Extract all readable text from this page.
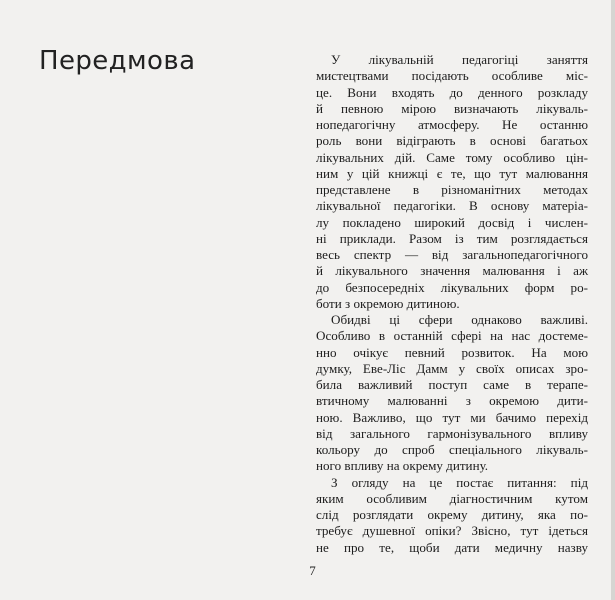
Передмова	У лікувальній педагогіці заняття
мистецтвами посідають особливе міс-
це. Вони входять до денного розкладу
й певною мірою визначають лікуваль-
нопедагогічну атмосферу. Не останню
роль вони відіграють в основі багатьох
лікувальних дій. Саме тому особливо цін-
ним у цій книжці є те, що тут малювання
представлене в різноманітних методах
лікувальної педагогіки. В основу матеріа-
лу покладено широкий досвід і числен-
ні приклади. Разом із тим розглядається
весь спектр — від загальнопедагогічного
й лікувального значення малювання і аж
до безпосередніх лікувальних форм ро-
боти з окремою дитиною.
Обидві ці сфери однаково важливі.
Особливо в останній сфері на нас достеме-
нно очікує певний розвиток. На мою
думку, Еве-Ліс Дамм у своїх описах зро-
била важливий поступ саме в терапе-
втичному малюванні з окремою дити-
ною. Важливо, що тут ми бачимо перехід
від загального гармонізувального впливу
кольору до спроб спеціального лікуваль-
ного впливу на окрему дитину.
З огляду на це постає питання: під
яким особливим діагностичним кутом
слід розглядати окрему дитину, яка по-
требує душевної опіки? Звісно, тут ідеться
не про те, щоби дати медичну назву
7
